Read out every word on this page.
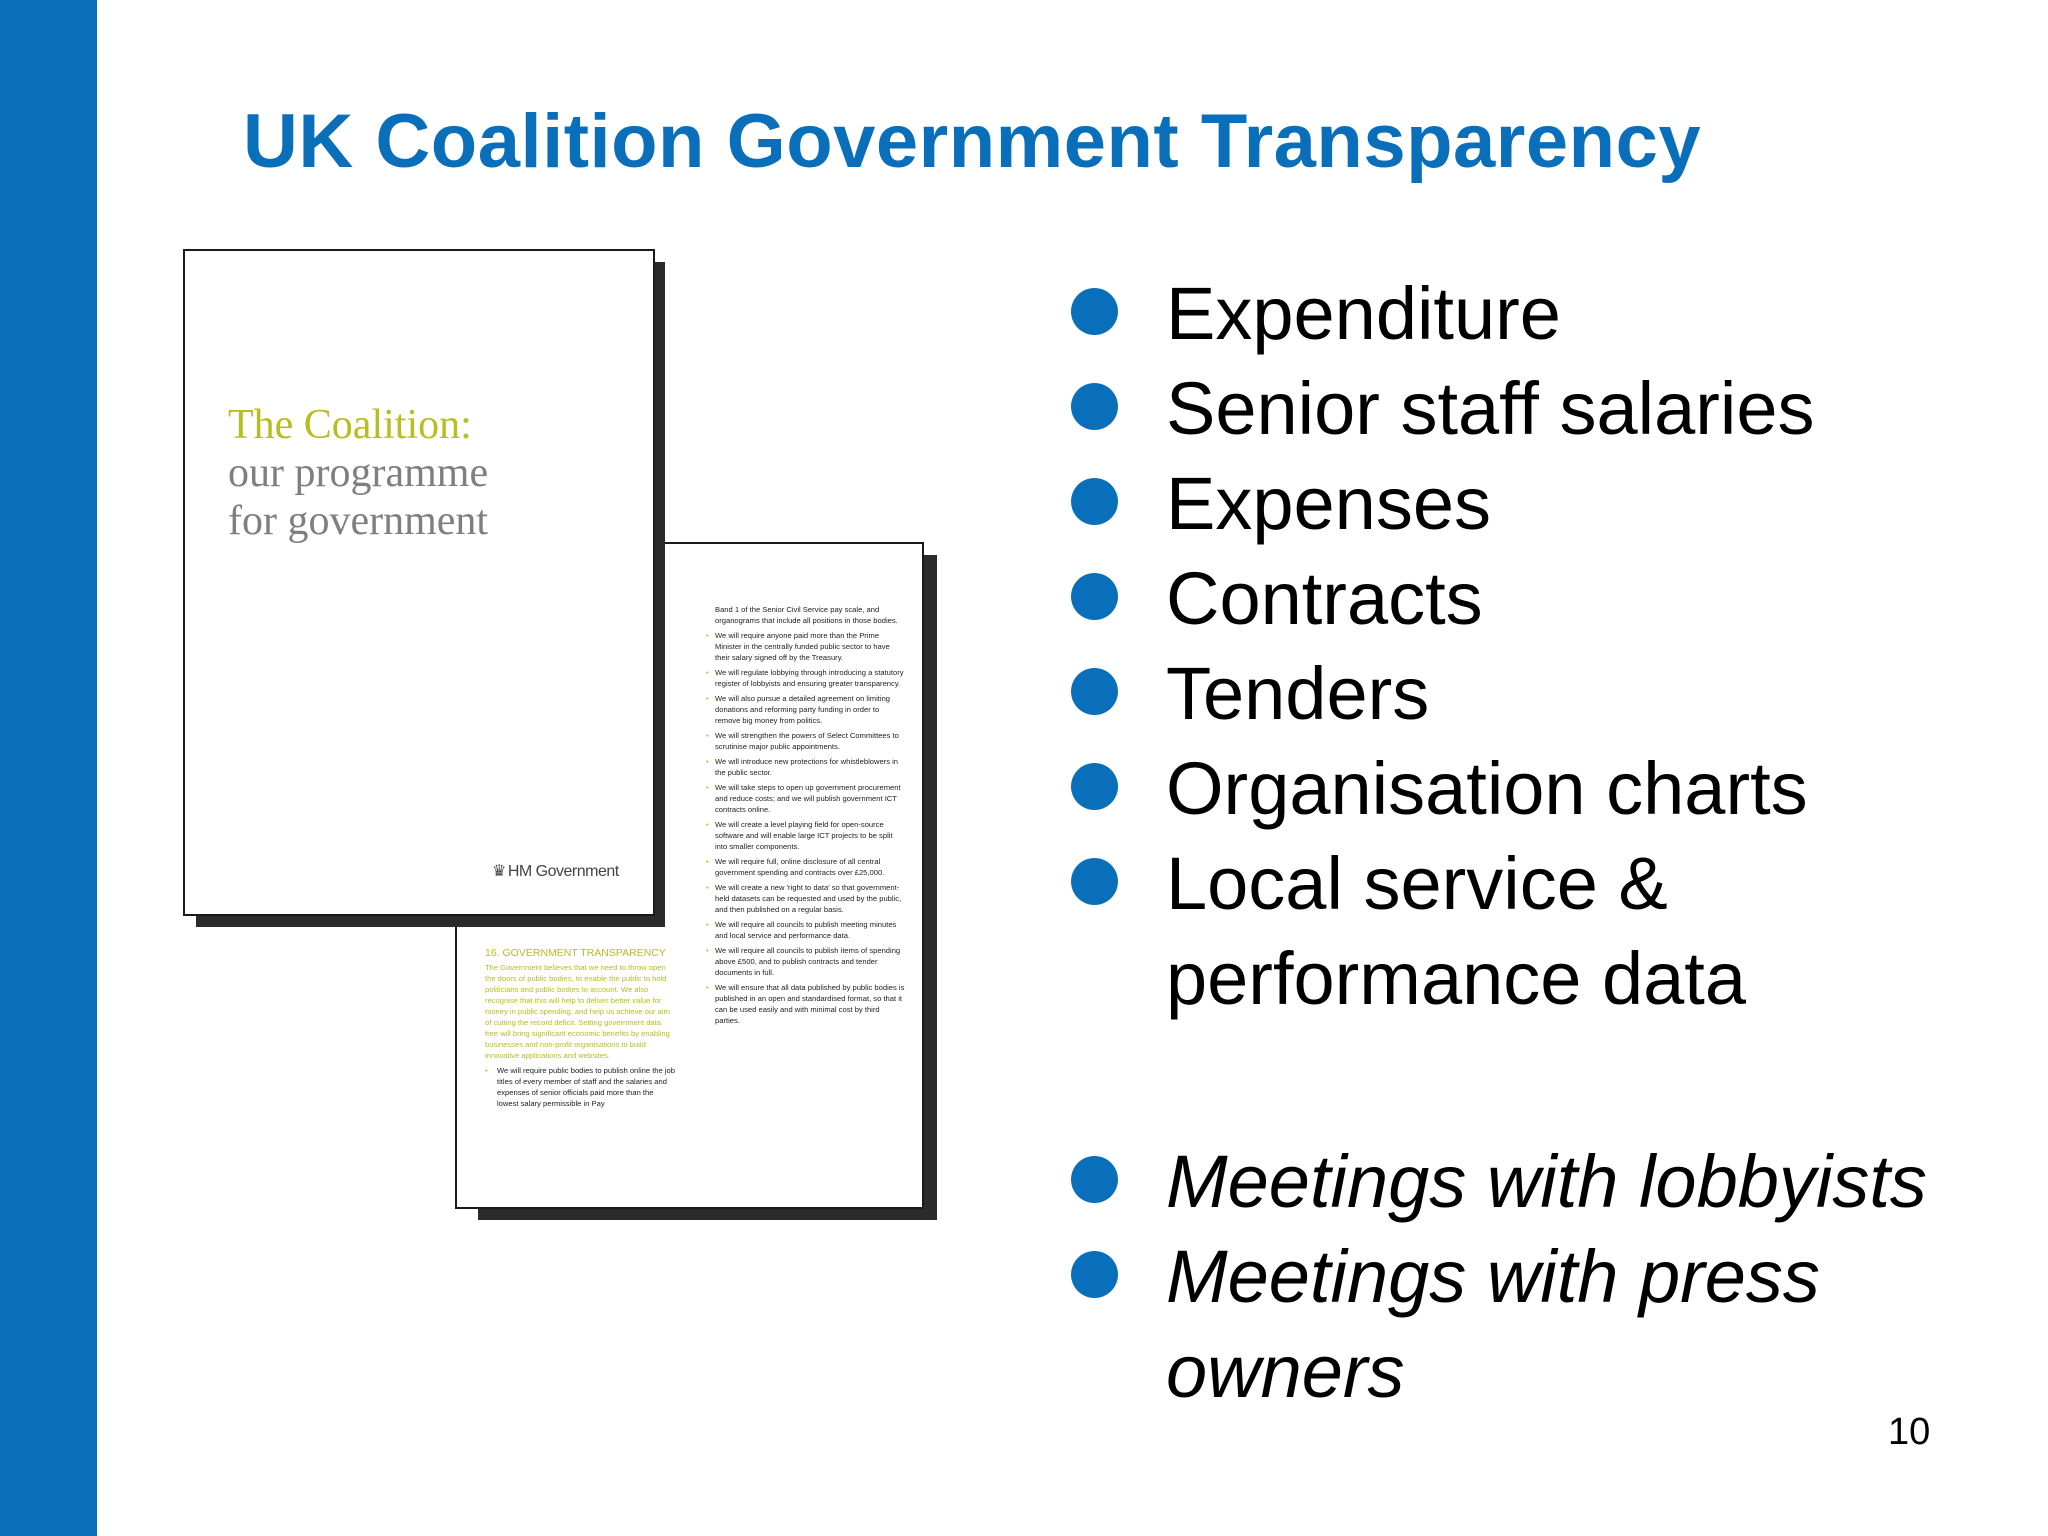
UK Coalition Government Transparency

Band 1 of the Senior Civil Service pay scale, and organograms that include all positions in those bodies.

• We will require anyone paid more than the Prime Minister in the centrally funded public sector to have their salary signed off by the Treasury.

• We will regulate lobbying through introducing a statutory register of lobbyists and ensuring greater transparency.

• We will also pursue a detailed agreement on limiting donations and reforming party funding in order to remove big money from politics.

• We will strengthen the powers of Select Committees to scrutinise major public appointments.

• We will introduce new protections for whistleblowers in the public sector.

• We will take steps to open up government procurement and reduce costs; and we will publish government ICT contracts online.

• We will create a level playing field for open-source software and will enable large ICT projects to be split into smaller components.

• We will require full, online disclosure of all central government spending and contracts over £25,000.

• We will create a new 'right to data' so that government-held datasets can be requested and used by the public, and then published on a regular basis.

• We will require all councils to publish meeting minutes and local service and performance data.

• We will require all councils to publish items of spending above £500, and to publish contracts and tender documents in full.

• We will ensure that all data published by public bodies is published in an open and standardised format, so that it can be used easily and with minimal cost by third parties.

16. GOVERNMENT TRANSPARENCY

The Government believes that we need to throw open the doors of public bodies, to enable the public to hold politicians and public bodies to account. We also recognise that this will help to deliver better value for money in public spending, and help us achieve our aim of cutting the record deficit. Setting government data free will bring significant economic benefits by enabling businesses and non-profit organisations to build innovative applications and websites.

• We will require public bodies to publish online the job titles of every member of staff and the salaries and expenses of senior officials paid more than the lowest salary permissible in Pay

The Coalition:
our programme
for government
♛ HM Government
Expenditure
Senior staff salaries
Expenses
Contracts
Tenders
Organisation charts
Local service & performance data
Meetings with lobbyists
Meetings with press owners
10
